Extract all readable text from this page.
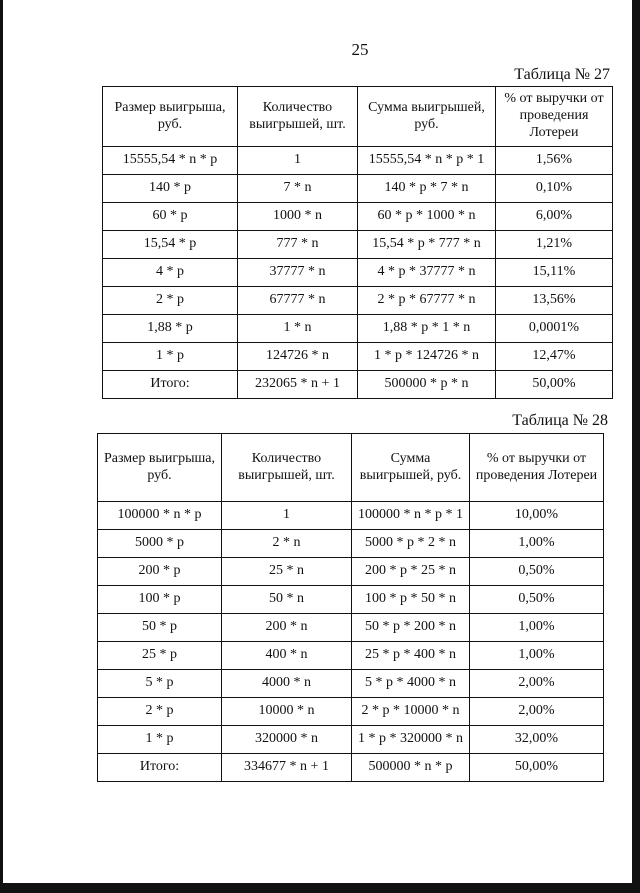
25
Таблица № 27
Размер выигрыша, руб.	Количество выигрышей, шт.	Сумма выигрышей, руб.	% от выручки от проведения Лотереи
15555,54 * n * p	1	15555,54 * n * p * 1	1,56%
140 * p	7 * n	140 * p * 7 * n	0,10%
60 * p	1000 * n	60 * p * 1000 * n	6,00%
15,54 * p	777 * n	15,54 * p * 777 * n	1,21%
4 * p	37777 * n	4 * p * 37777 * n	15,11%
2 * p	67777 * n	2 * p * 67777 * n	13,56%
1,88 * p	1 * n	1,88 * p * 1 * n	0,0001%
1 * p	124726 * n	1 * p * 124726 * n	12,47%
Итого:	232065 * n + 1	500000 * p * n	50,00%
Таблица № 28
Размер выигрыша, руб.	Количество выигрышей, шт.	Сумма выигрышей, руб.	% от выручки от проведения Лотереи
100000 * n * p	1	100000 * n * p * 1	10,00%
5000 * p	2 * n	5000 * p * 2 * n	1,00%
200 * p	25 * n	200 * p * 25 * n	0,50%
100 * p	50 * n	100 * p * 50 * n	0,50%
50 * p	200 * n	50 * p * 200 * n	1,00%
25 * p	400 * n	25 * p * 400 * n	1,00%
5 * p	4000 * n	5 * p * 4000 * n	2,00%
2 * p	10000 * n	2 * p * 10000 * n	2,00%
1 * p	320000 * n	1 * p * 320000 * n	32,00%
Итого:	334677 * n + 1	500000 * n * p	50,00%
